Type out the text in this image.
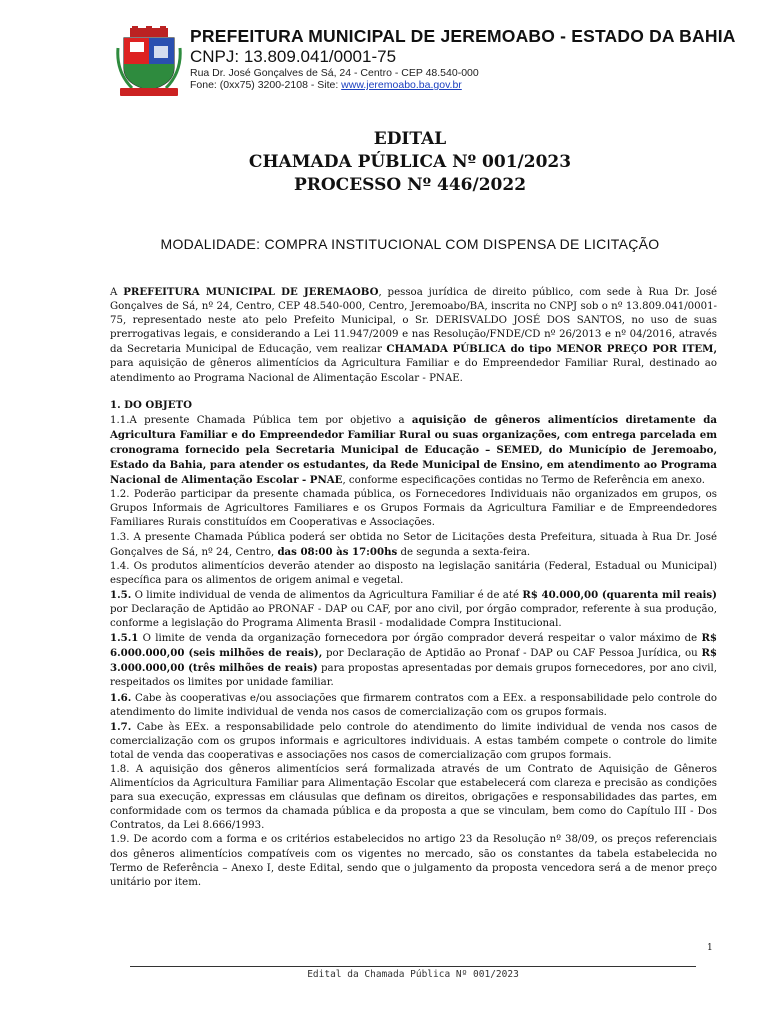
PREFEITURA MUNICIPAL DE JEREMOABO - ESTADO DA BAHIA
CNPJ: 13.809.041/0001-75
Rua Dr. José Gonçalves de Sá, 24 - Centro - CEP 48.540-000
Fone: (0xx75) 3200-2108 - Site: www.jeremoabo.ba.gov.br
EDITAL
CHAMADA PÚBLICA Nº 001/2023
PROCESSO Nº 446/2022
MODALIDADE: COMPRA INSTITUCIONAL COM DISPENSA DE LICITAÇÃO

A PREFEITURA MUNICIPAL DE JEREMAOBO, pessoa jurídica de direito público, com sede à Rua Dr. José Gonçalves de Sá, nº 24, Centro, CEP 48.540-000, Centro, Jeremoabo/BA, inscrita no CNPJ sob o nº 13.809.041/0001-75, representado neste ato pelo Prefeito Municipal, o Sr. DERISVALDO JOSÉ DOS SANTOS, no uso de suas prerrogativas legais, e considerando a Lei 11.947/2009 e nas Resolução/FNDE/CD nº 26/2013 e nº 04/2016, através da Secretaria Municipal de Educação, vem realizar CHAMADA PÚBLICA do tipo MENOR PREÇO POR ITEM, para aquisição de gêneros alimentícios da Agricultura Familiar e do Empreendedor Familiar Rural, destinado ao atendimento ao Programa Nacional de Alimentação Escolar - PNAE.

1. DO OBJETO

1.1.A presente Chamada Pública tem por objetivo a aquisição de gêneros alimentícios diretamente da Agricultura Familiar e do Empreendedor Familiar Rural ou suas organizações, com entrega parcelada em cronograma fornecido pela Secretaria Municipal de Educação – SEMED, do Município de Jeremoabo, Estado da Bahia, para atender os estudantes, da Rede Municipal de Ensino, em atendimento ao Programa Nacional de Alimentação Escolar - PNAE, conforme especificações contidas no Termo de Referência em anexo.

1.2. Poderão participar da presente chamada pública, os Fornecedores Individuais não organizados em grupos, os Grupos Informais de Agricultores Familiares e os Grupos Formais da Agricultura Familiar e de Empreendedores Familiares Rurais constituídos em Cooperativas e Associações.

1.3. A presente Chamada Pública poderá ser obtida no Setor de Licitações desta Prefeitura, situada à Rua Dr. José Gonçalves de Sá, nº 24, Centro, das 08:00 às 17:00hs de segunda a sexta-feira.

1.4. Os produtos alimentícios deverão atender ao disposto na legislação sanitária (Federal, Estadual ou Municipal) específica para os alimentos de origem animal e vegetal.

1.5. O limite individual de venda de alimentos da Agricultura Familiar é de até R$ 40.000,00 (quarenta mil reais) por Declaração de Aptidão ao PRONAF - DAP ou CAF, por ano civil, por órgão comprador, referente à sua produção, conforme a legislação do Programa Alimenta Brasil - modalidade Compra Institucional.

1.5.1 O limite de venda da organização fornecedora por órgão comprador deverá respeitar o valor máximo de R$ 6.000.000,00 (seis milhões de reais), por Declaração de Aptidão ao Pronaf - DAP ou CAF Pessoa Jurídica, ou R$ 3.000.000,00 (três milhões de reais) para propostas apresentadas por demais grupos fornecedores, por ano civil, respeitados os limites por unidade familiar.

1.6. Cabe às cooperativas e/ou associações que firmarem contratos com a EEx. a responsabilidade pelo controle do atendimento do limite individual de venda nos casos de comercialização com os grupos formais.

1.7. Cabe às EEx. a responsabilidade pelo controle do atendimento do limite individual de venda nos casos de comercialização com os grupos informais e agricultores individuais. A estas também compete o controle do limite total de venda das cooperativas e associações nos casos de comercialização com grupos formais.

1.8. A aquisição dos gêneros alimentícios será formalizada através de um Contrato de Aquisição de Gêneros Alimentícios da Agricultura Familiar para Alimentação Escolar que estabelecerá com clareza e precisão as condições para sua execução, expressas em cláusulas que definam os direitos, obrigações e responsabilidades das partes, em conformidade com os termos da chamada pública e da proposta a que se vinculam, bem como do Capítulo III - Dos Contratos, da Lei 8.666/1993.

1.9. De acordo com a forma e os critérios estabelecidos no artigo 23 da Resolução nº 38/09, os preços referenciais dos gêneros alimentícios compatíveis com os vigentes no mercado, são os constantes da tabela estabelecida no Termo de Referência – Anexo I, deste Edital, sendo que o julgamento da proposta vencedora será a de menor preço unitário por item.

1
Edital da Chamada Pública Nº 001/2023
